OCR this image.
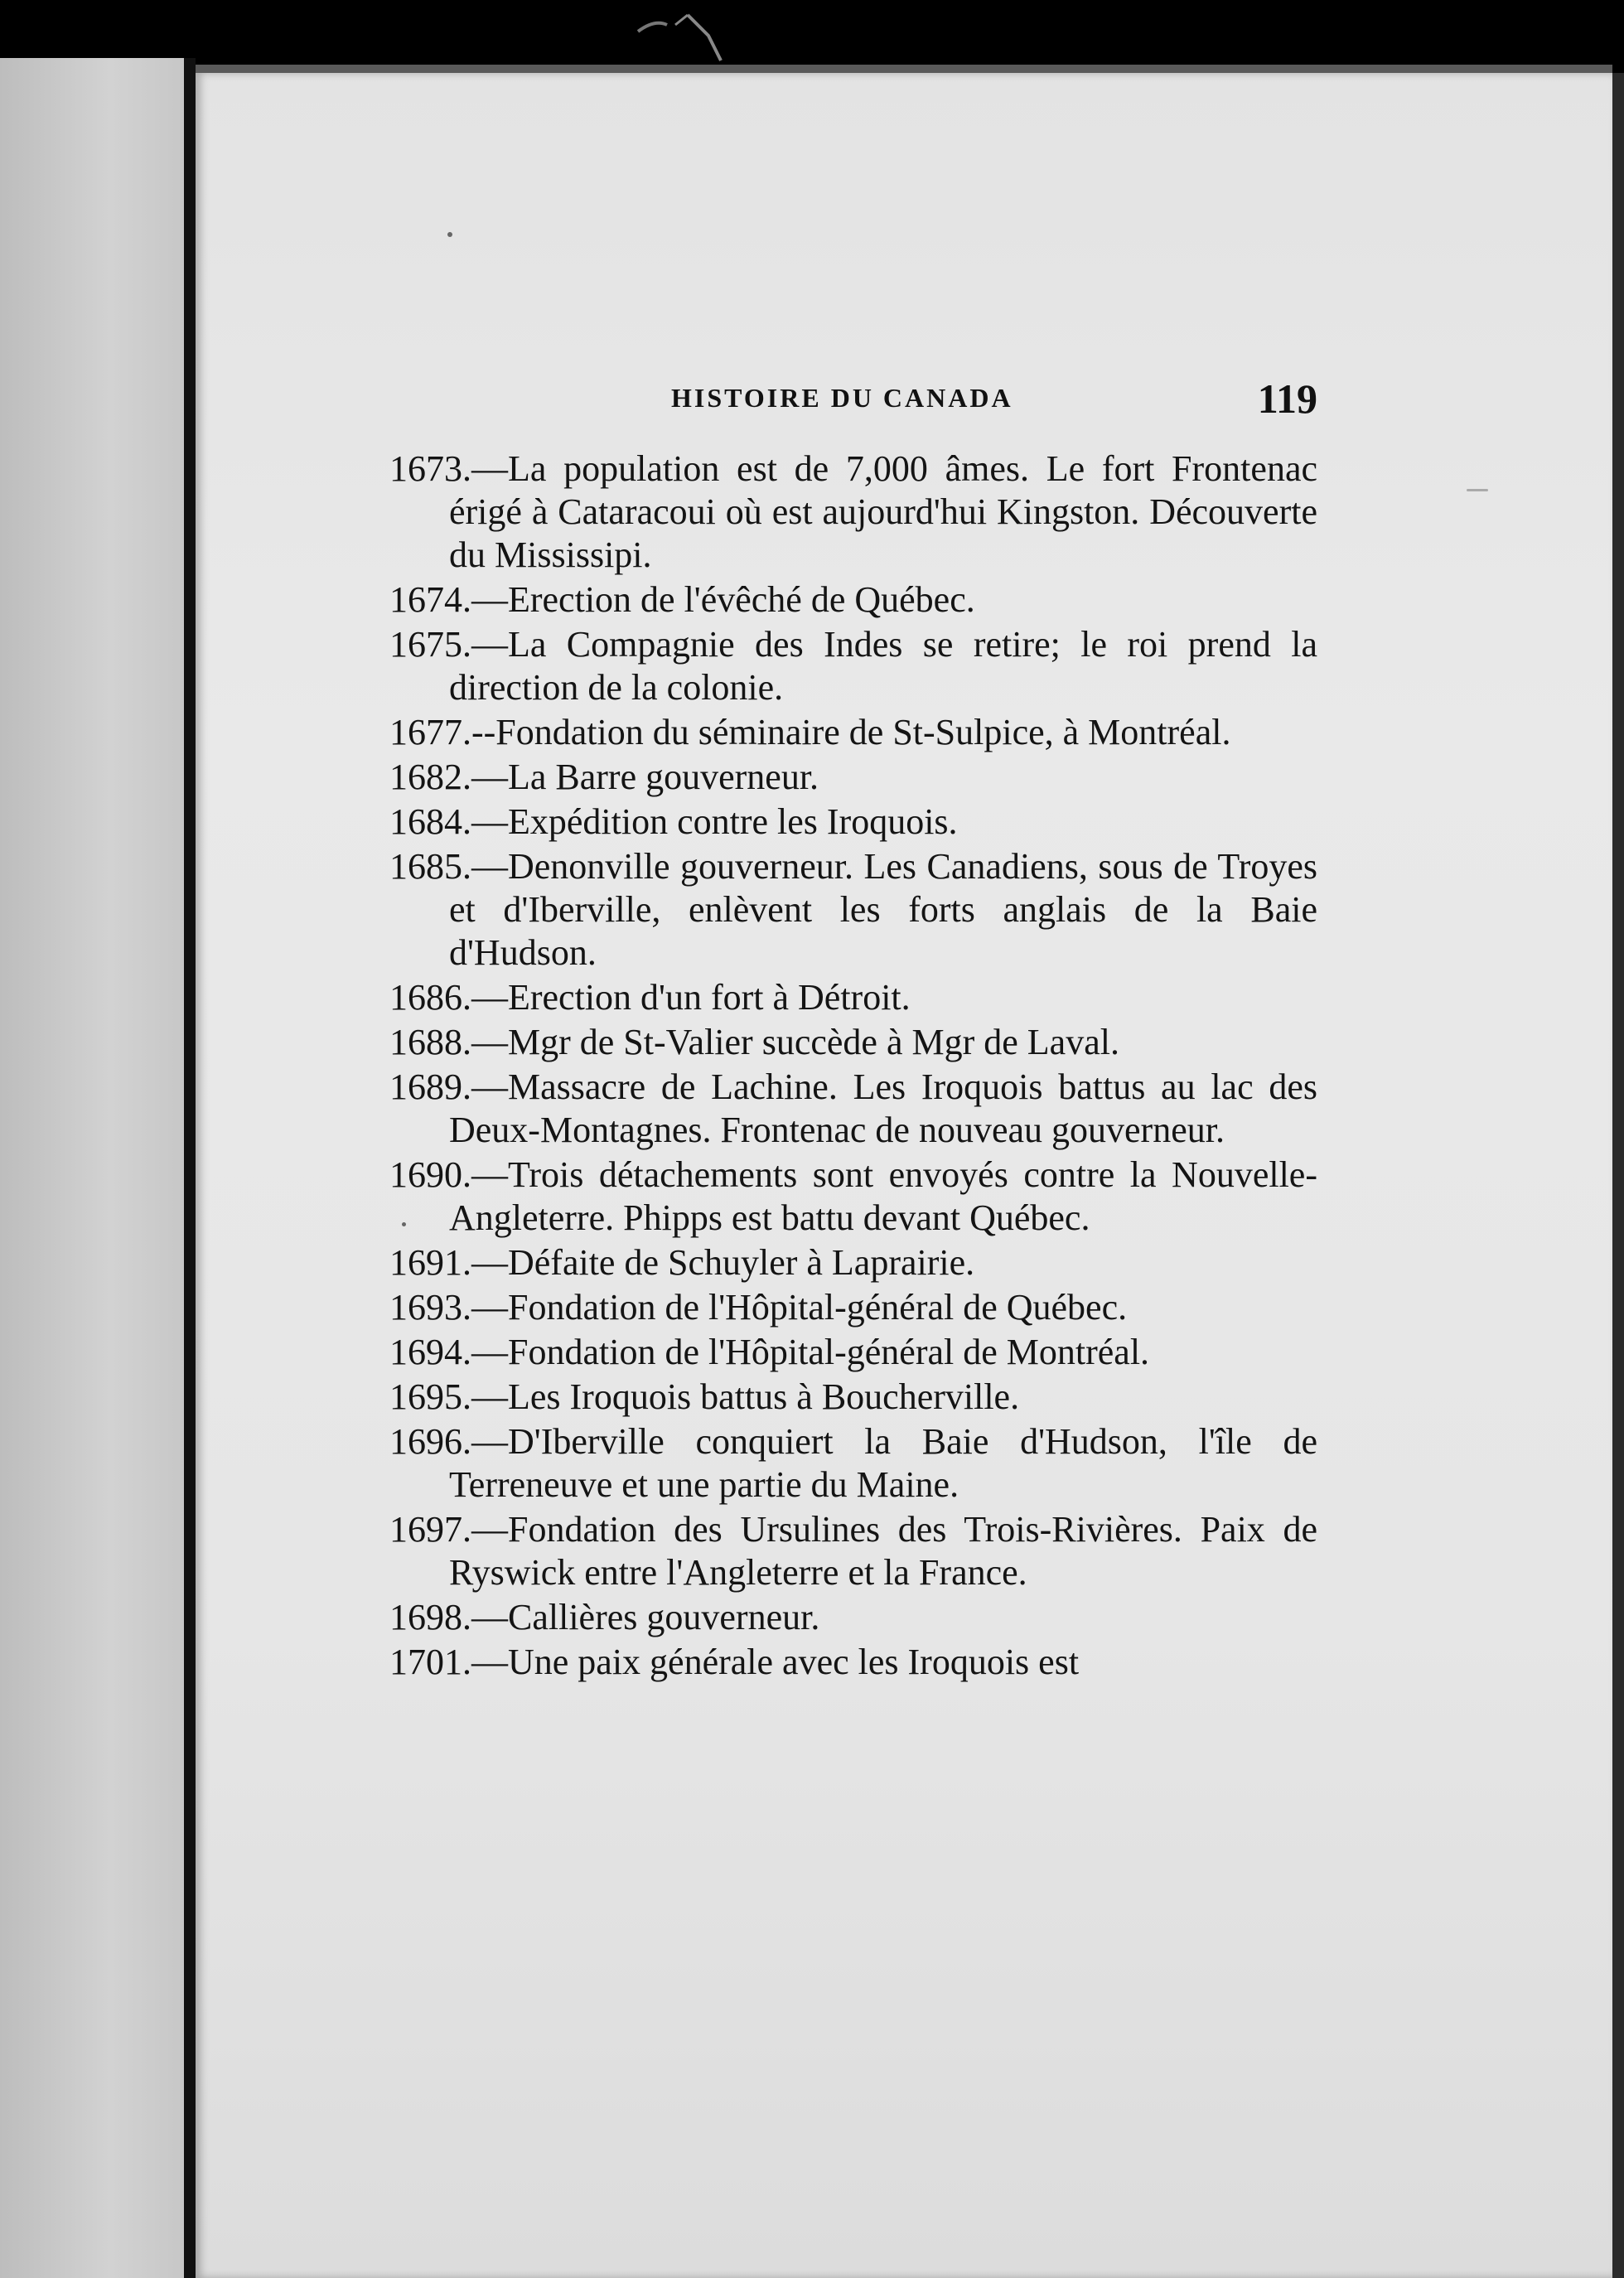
HISTOIRE DU CANADA	119

1673.—La population est de 7,000 âmes. Le fort Frontenac érigé à Cataracoui où est aujourd'hui Kingston. Découverte du Mississipi.

1674.—Erection de l'évêché de Québec.

1675.—La Compagnie des Indes se retire; le roi prend la direction de la colonie.

1677.--Fondation du séminaire de St-Sulpice, à Montréal.

1682.—La Barre gouverneur.

1684.—Expédition contre les Iroquois.

1685.—Denonville gouverneur. Les Canadiens, sous de Troyes et d'Iberville, enlèvent les forts anglais de la Baie d'Hudson.

1686.—Erection d'un fort à Détroit.

1688.—Mgr de St-Valier succède à Mgr de Laval.

1689.—Massacre de Lachine. Les Iroquois battus au lac des Deux-Montagnes. Frontenac de nouveau gouverneur.

1690.—Trois détachements sont envoyés contre la Nouvelle-Angleterre. Phipps est battu devant Québec.

1691.—Défaite de Schuyler à Laprairie.

1693.—Fondation de l'Hôpital-général de Québec.

1694.—Fondation de l'Hôpital-général de Montréal.

1695.—Les Iroquois battus à Boucherville.

1696.—D'Iberville conquiert la Baie d'Hudson, l'île de Terreneuve et une partie du Maine.

1697.—Fondation des Ursulines des Trois-Rivières. Paix de Ryswick entre l'Angleterre et la France.

1698.—Callières gouverneur.

1701.—Une paix générale avec les Iroquois est
